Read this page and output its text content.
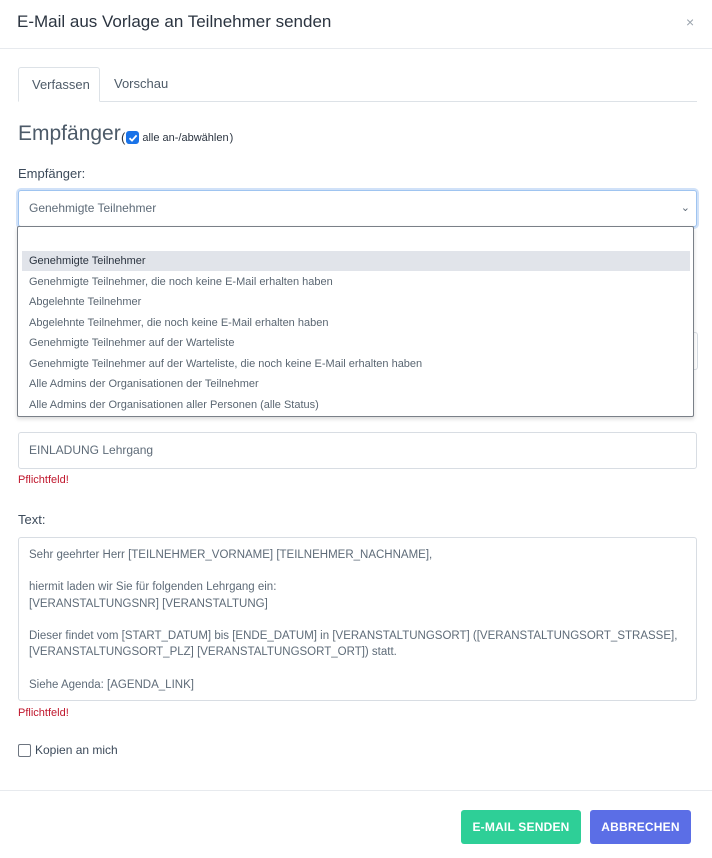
E-Mail aus Vorlage an Teilnehmer senden	×
Verfassen	Vorschau
Empfänger ( alle an-/abwählen )
Empfänger:
Genehmigte Teilnehmer	⌄
Genehmigte Teilnehmer
Genehmigte Teilnehmer, die noch keine E-Mail erhalten haben
Abgelehnte Teilnehmer
Abgelehnte Teilnehmer, die noch keine E-Mail erhalten haben
Genehmigte Teilnehmer auf der Warteliste
Genehmigte Teilnehmer auf der Warteliste, die noch keine E-Mail erhalten haben
Alle Admins der Organisationen der Teilnehmer
Alle Admins der Organisationen aller Personen (alle Status)
EINLADUNG Lehrgang
Pflichtfeld!
Text:

Sehr geehrter Herr [TEILNEHMER_VORNAME] [TEILNEHMER_NACHNAME],

hiermit laden wir Sie für folgenden Lehrgang ein:

[VERANSTALTUNGSNR] [VERANSTALTUNG]

Dieser findet vom [START_DATUM] bis [ENDE_DATUM] in [VERANSTALTUNGSORT] ([VERANSTALTUNGSORT_STRASSE],

[VERANSTALTUNGSORT_PLZ] [VERANSTALTUNGSORT_ORT]) statt.

Siehe Agenda: [AGENDA_LINK]

Pflichtfeld!
Kopien an mich
E-MAIL SENDEN	ABBRECHEN
